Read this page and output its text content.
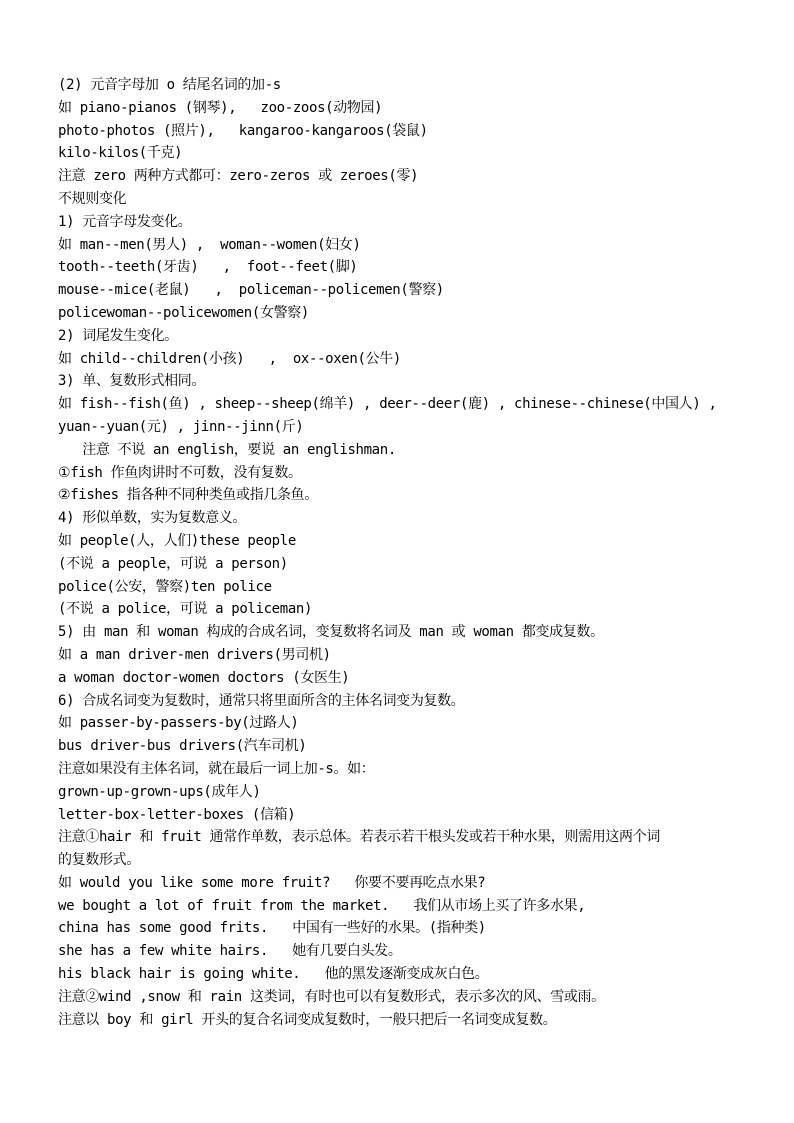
(2) 元音字母加 o 结尾名词的加-s
如 piano-pianos (钢琴),   zoo-zoos(动物园)
photo-photos (照片),   kangaroo-kangaroos(袋鼠)
kilo-kilos(千克)
注意 zero 两种方式都可：zero-zeros 或 zeroes(零)
不规则变化
1) 元音字母发变化。
如 man--men(男人) ,  woman--women(妇女)
tooth--teeth(牙齿)   ,  foot--feet(脚)
mouse--mice(老鼠)   ,  policeman--policemen(警察)
policewoman--policewomen(女警察)
2) 词尾发生变化。
如 child--children(小孩)   ,  ox--oxen(公牛)
3) 单、复数形式相同。
如 fish--fish(鱼) , sheep--sheep(绵羊) , deer--deer(鹿) , chinese--chinese(中国人) ,
yuan--yuan(元) , jinn--jinn(斤)
注意 不说 an english，要说 an englishman.
①fish 作鱼肉讲时不可数，没有复数。
②fishes 指各种不同种类鱼或指几条鱼。
4) 形似单数，实为复数意义。
如 people(人，人们)these people
(不说 a people，可说 a person)
police(公安，警察)ten police
(不说 a police，可说 a policeman)
5) 由 man 和 woman 构成的合成名词，变复数将名词及 man 或 woman 都变成复数。
如 a man driver-men drivers(男司机)
a woman doctor-women doctors (女医生)
6) 合成名词变为复数时，通常只将里面所含的主体名词变为复数。
如 passer-by-passers-by(过路人)
bus driver-bus drivers(汽车司机)
注意如果没有主体名词，就在最后一词上加-s。如：
grown-up-grown-ups(成年人)
letter-box-letter-boxes (信箱)
注意①hair 和 fruit 通常作单数，表示总体。若表示若干根头发或若干种水果，则需用这两个词
的复数形式。
如 would you like some more fruit?   你要不要再吃点水果?
we bought a lot of fruit from the market.   我们从市场上买了许多水果,
china has some good frits.   中国有一些好的水果。(指种类)
she has a few white hairs.   她有几要白头发。
his black hair is going white.   他的黑发逐渐变成灰白色。
注意②wind ,snow 和 rain 这类词，有时也可以有复数形式，表示多次的风、雪或雨。
注意以 boy 和 girl 开头的复合名词变成复数时，一般只把后一名词变成复数。
